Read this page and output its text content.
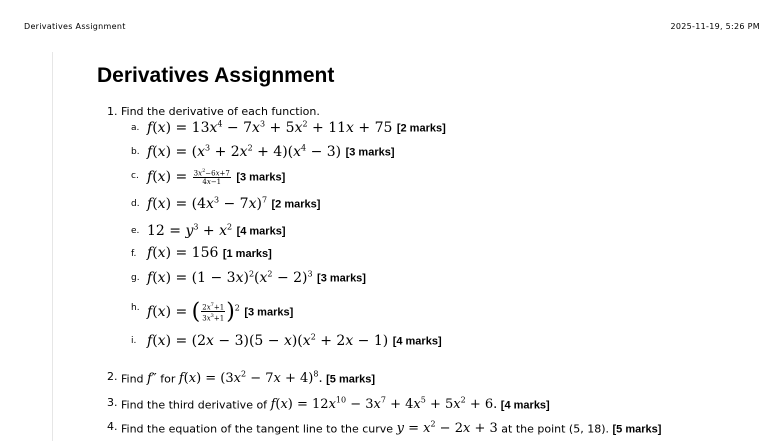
Derivatives Assignment	2025-11-19, 5:26 PM
Derivatives Assignment
1. Find the derivative of each function.
a. $f(x) = 13x^4 - 7x^3 + 5x^2 + 11x + 75$ [2 marks]
b. $f(x) = (x^3 + 2x^2 + 4)(x^4 - 3)$ [3 marks]
c. $f(x) = \frac{3x^2-6x+7}{4x-1} [3$ marks]
d. $f(x) = (4x^3 - 7x)^7$ [2 marks]
e. $12 = y^3 + x^2$ [4 marks]
f. f(x) = 156 [1 marks]
g. $f(x) = (1 - 3x)^2(x^2 - 2)^3$ [3 marks]
h. f(x) = ( $\frac{2x^7+1}{3x^3+1} )^2$ [3 marks]
i. $f(x) = (2x - 3)(5 - x)(x^2 + 2x - 1)$ [4 marks]
2. Find f″ for $f(x) = (3x^2 - 7x + 4)^8$. [5 marks]
3. Find the third derivative of $f(x) = 12x^{10} - 3x^7 + 4x^5 + 5x^2 + 6$. [4 marks]
4. Find the equation of the tangent line to the curve $y = x^2 - 2x + 3$ at the point (5, 18). [5 marks]
